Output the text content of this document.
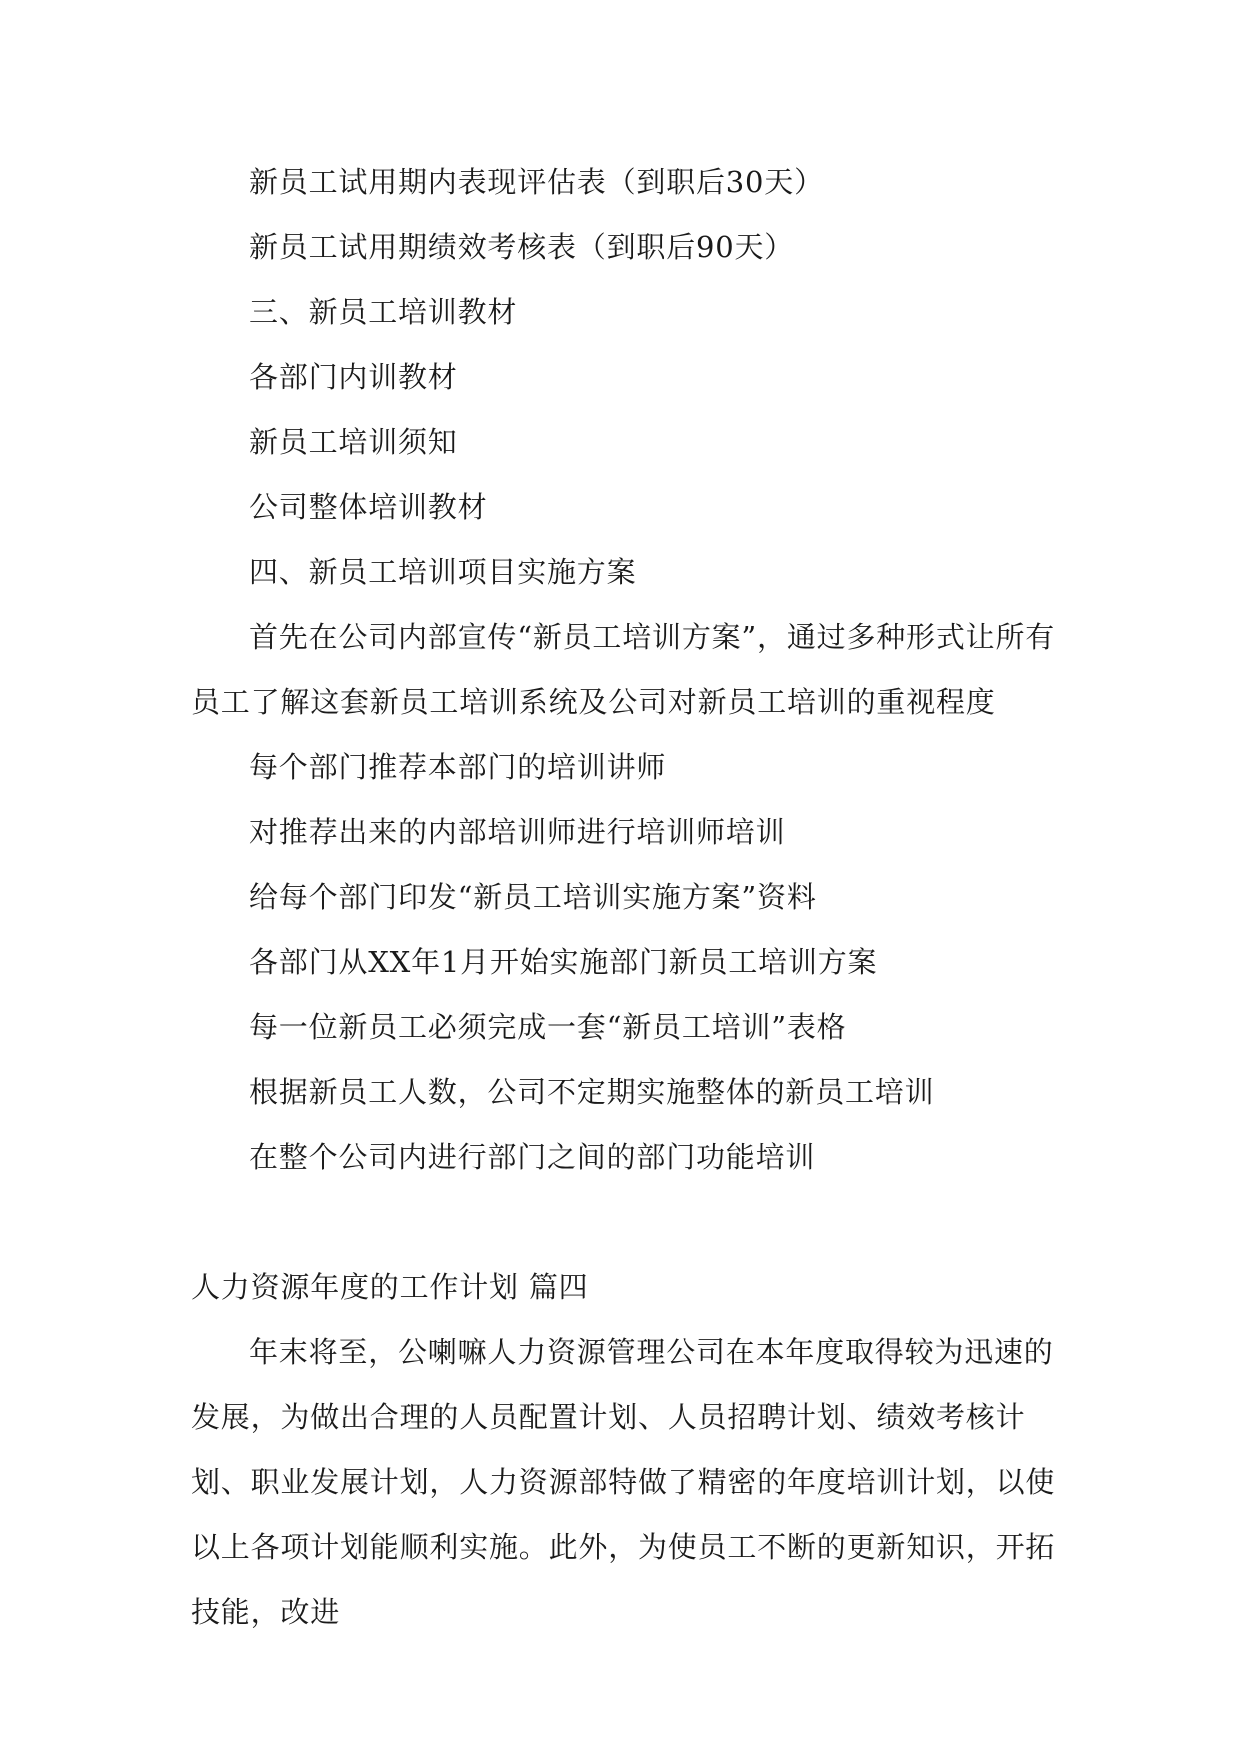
新员工试用期内表现评估表（到职后30天）

新员工试用期绩效考核表（到职后90天）

三、新员工培训教材

各部门内训教材

新员工培训须知

公司整体培训教材

四、新员工培训项目实施方案

首先在公司内部宣传“新员工培训方案”，通过多种形式让所有员工了解这套新员工培训系统及公司对新员工培训的重视程度

每个部门推荐本部门的培训讲师

对推荐出来的内部培训师进行培训师培训

给每个部门印发“新员工培训实施方案”资料

各部门从XX年1月开始实施部门新员工培训方案

每一位新员工必须完成一套“新员工培训”表格

根据新员工人数，公司不定期实施整体的新员工培训

在整个公司内进行部门之间的部门功能培训

人力资源年度的工作计划 篇四

年末将至，公喇嘛人力资源管理公司在本年度取得较为迅速的发展，为做出合理的人员配置计划、人员招聘计划、绩效考核计划、职业发展计划，人力资源部特做了精密的年度培训计划，以使以上各项计划能顺利实施。此外，为使员工不断的更新知识，开拓技能，改进
